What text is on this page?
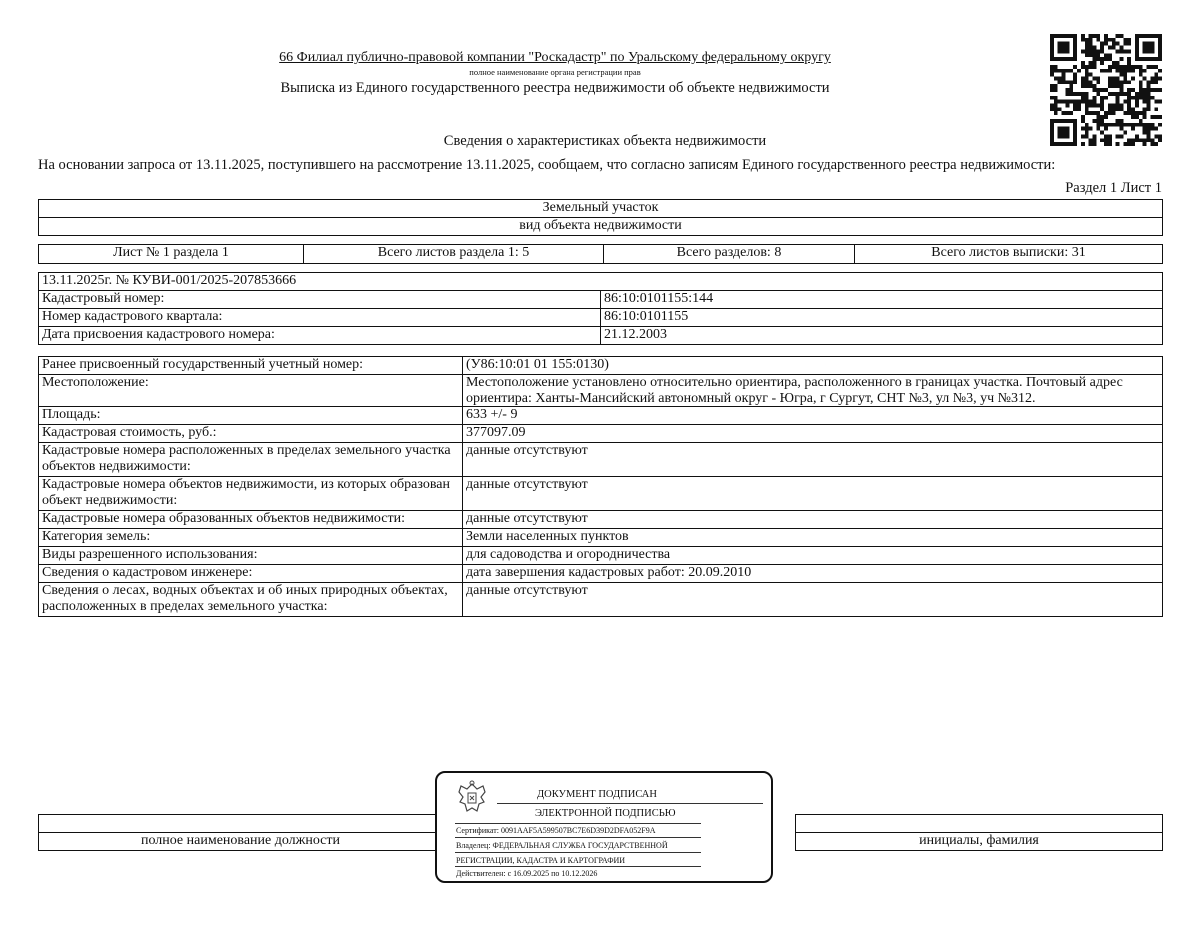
66 Филиал публично-правовой компании "Роскадастр" по Уральскому федеральному округу
полное наименование органа регистрации прав
Выписка из Единого государственного реестра недвижимости об объекте недвижимости
Сведения о характеристиках объекта недвижимости
На основании запроса от 13.11.2025, поступившего на рассмотрение 13.11.2025, сообщаем, что согласно записям Единого государственного реестра недвижимости:
Раздел 1 Лист 1
Земельный участок
вид объекта недвижимости
Лист № 1 раздела 1	Всего листов раздела 1: 5	Всего разделов: 8	Всего листов выписки: 31
13.11.2025г. № КУВИ-001/2025-207853666	
Кадастровый номер:	86:10:0101155:144
Номер кадастрового квартала:	86:10:0101155
Дата присвоения кадастрового номера:	21.12.2003
Ранее присвоенный государственный учетный номер:	(У86:10:01 01 155:0130)
Местоположение:	Местоположение установлено относительно ориентира, расположенного в границах участка. Почтовый адрес ориентира: Ханты-Мансийский автономный округ - Югра, г Сургут, СНТ №3, ул №3, уч №312.
Площадь:	633 +/- 9
Кадастровая стоимость, руб.:	377097.09
Кадастровые номера расположенных в пределах земельного участка объектов недвижимости:	данные отсутствуют
Кадастровые номера объектов недвижимости, из которых образован объект недвижимости:	данные отсутствуют
Кадастровые номера образованных объектов недвижимости:	данные отсутствуют
Категория земель:	Земли населенных пунктов
Виды разрешенного использования:	для садоводства и огородничества
Сведения о кадастровом инженере:	дата завершения кадастровых работ: 20.09.2010
Сведения о лесах, водных объектах и об иных природных объектах, расположенных в пределах земельного участка:	данные отсутствуют

полное наименование должности		инициалы, фамилия
ДОКУМЕНТ ПОДПИСАН
ЭЛЕКТРОННОЙ ПОДПИСЬЮ
Сертификат: 0091AAF5A599507BC7E6D39D2DFA052F9A
Владелец: ФЕДЕРАЛЬНАЯ СЛУЖБА ГОСУДАРСТВЕННОЙ
РЕГИСТРАЦИИ, КАДАСТРА И КАРТОГРАФИИ
Действителен: с 16.09.2025 по 10.12.2026
